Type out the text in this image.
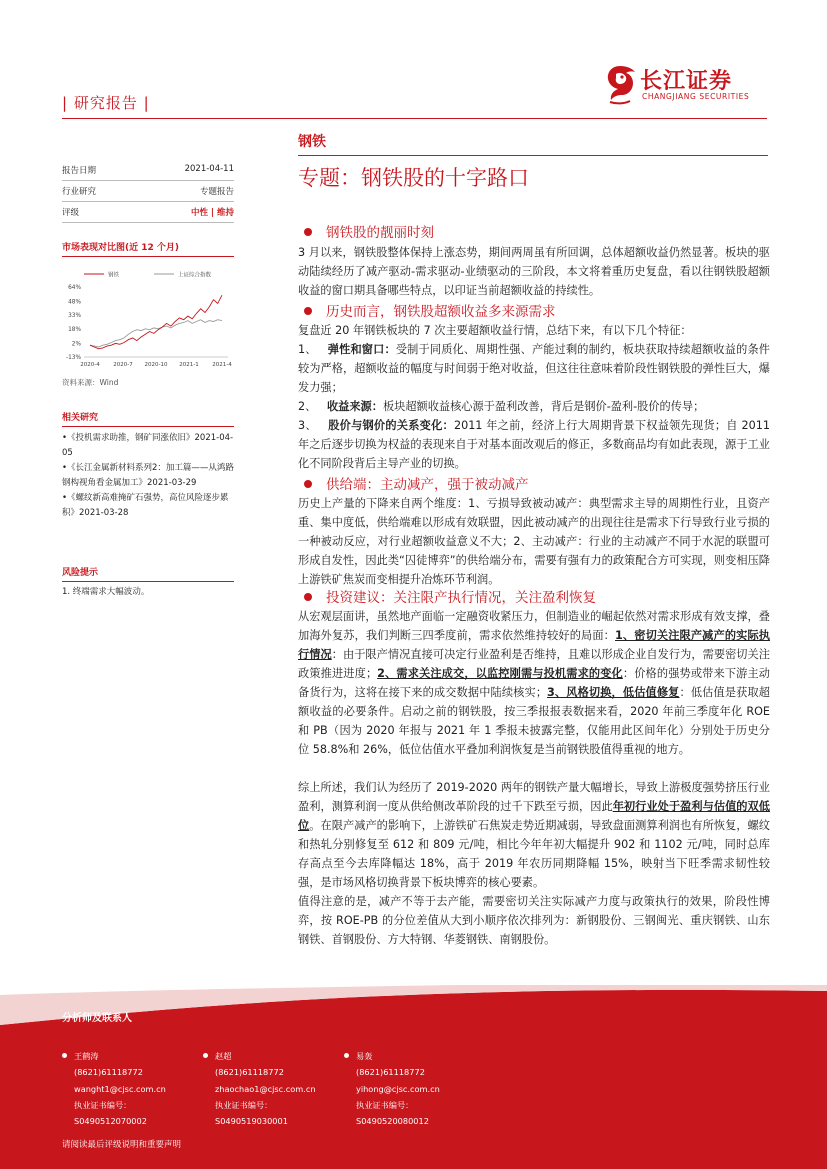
| 研究报告 |
长江证券
CHANGJIANG SECURITIES
报告日期	2021-04-11
行业研究	专题报告
评级	中性 | 维持
市场表现对比图(近 12 个月)
钢铁	上证综合指数
64%
48%
33%
18%
2%
-13%
2020-4 2020-7 2020-10 2021-1 2021-4
资料来源：Wind
相关研究
•《投机需求助推，钢矿同涨依旧》2021-04-05
•《长江金属新材料系列2：加工篇——从鸿路钢构视角看金属加工》2021-03-29
•《螺纹新高难掩矿石强势，高位风险逐步累积》2021-03-28
风险提示
1. 终端需求大幅波动。
钢铁
专题：钢铁股的十字路口
钢铁股的靓丽时刻
3 月以来，钢铁股整体保持上涨态势，期间两周虽有所回调，总体超额收益仍然显著。板块的驱动陆续经历了减产驱动-需求驱动-业绩驱动的三阶段，本文将着重历史复盘，看以往钢铁股超额收益的窗口期具备哪些特点，以印证当前超额收益的持续性。
历史而言，钢铁股超额收益多来源需求
复盘近 20 年钢铁板块的 7 次主要超额收益行情，总结下来，有以下几个特征：
1、 弹性和窗口：受制于同质化、周期性强、产能过剩的制约，板块获取持续超额收益的条件较为严格，超额收益的幅度与时间弱于绝对收益，但这往往意味着阶段性钢铁股的弹性巨大，爆发力强；
2、 收益来源：板块超额收益核心源于盈利改善，背后是钢价-盈利-股价的传导；
3、 股价与钢价的关系变化：2011 年之前，经济上行大周期背景下权益领先现货；自 2011 年之后逐步切换为权益的表现来自于对基本面改观后的修正，多数商品均有如此表现，源于工业化不同阶段背后主导产业的切换。
供给端：主动减产，强于被动减产
历史上产量的下降来自两个维度：1、亏损导致被动减产：典型需求主导的周期性行业，且资产重、集中度低，供给端难以形成有效联盟，因此被动减产的出现往往是需求下行导致行业亏损的一种被动反应，对行业超额收益意义不大；2、主动减产：行业的主动减产不同于水泥的联盟可形成自发性，因此类“囚徒博弈”的供给端分布，需要有强有力的政策配合方可实现，则变相压降上游铁矿焦炭而变相提升冶炼环节利润。
投资建议：关注限产执行情况，关注盈利恢复
从宏观层面讲，虽然地产面临一定融资收紧压力，但制造业的崛起依然对需求形成有效支撑，叠加海外复苏，我们判断三四季度前，需求依然维持较好的局面：1、密切关注限产减产的实际执行情况：由于限产情况直接可决定行业盈利是否维持，且难以形成企业自发行为，需要密切关注政策推进进度；2、需求关注成交，以监控刚需与投机需求的变化：价格的强势或带来下游主动备货行为，这将在接下来的成交数据中陆续核实；3、风格切换，低估值修复：低估值是获取超额收益的必要条件。启动之前的钢铁股，按三季报报表数据来看，2020 年前三季度年化 ROE 和 PB（因为 2020 年报与 2021 年 1 季报未披露完整，仅能用此区间年化）分别处于历史分位 58.8%和 26%，低位估值水平叠加利润恢复是当前钢铁股值得重视的地方。
综上所述，我们认为经历了 2019-2020 两年的钢铁产量大幅增长，导致上游极度强势挤压行业盈利，测算利润一度从供给侧改革阶段的过千下跌至亏损，因此年初行业处于盈利与估值的双低位。在限产减产的影响下，上游铁矿石焦炭走势近期减弱，导致盘面测算利润也有所恢复，螺纹和热轧分别修复至 612 和 809 元/吨，相比今年年初大幅提升 902 和 1102 元/吨，同时总库存高点至今去库降幅达 18%，高于 2019 年农历同期降幅 15%，映射当下旺季需求韧性较强，是市场风格切换背景下板块博弈的核心要素。
值得注意的是，减产不等于去产能，需要密切关注实际减产力度与政策执行的效果，阶段性博弈，按 ROE-PB 的分位差值从大到小顺序依次排列为：新钢股份、三钢闽光、重庆钢铁、山东钢铁、首钢股份、方大特钢、华菱钢铁、南钢股份。
分析师及联系人
王鹤涛
(8621)61118772
wanght1@cjsc.com.cn
执业证书编号：
S0490512070002
赵超
(8621)61118772
zhaochao1@cjsc.com.cn
执业证书编号：
S0490519030001
易轰
(8621)61118772
yihong@cjsc.com.cn
执业证书编号：
S0490520080012
请阅读最后评级说明和重要声明
